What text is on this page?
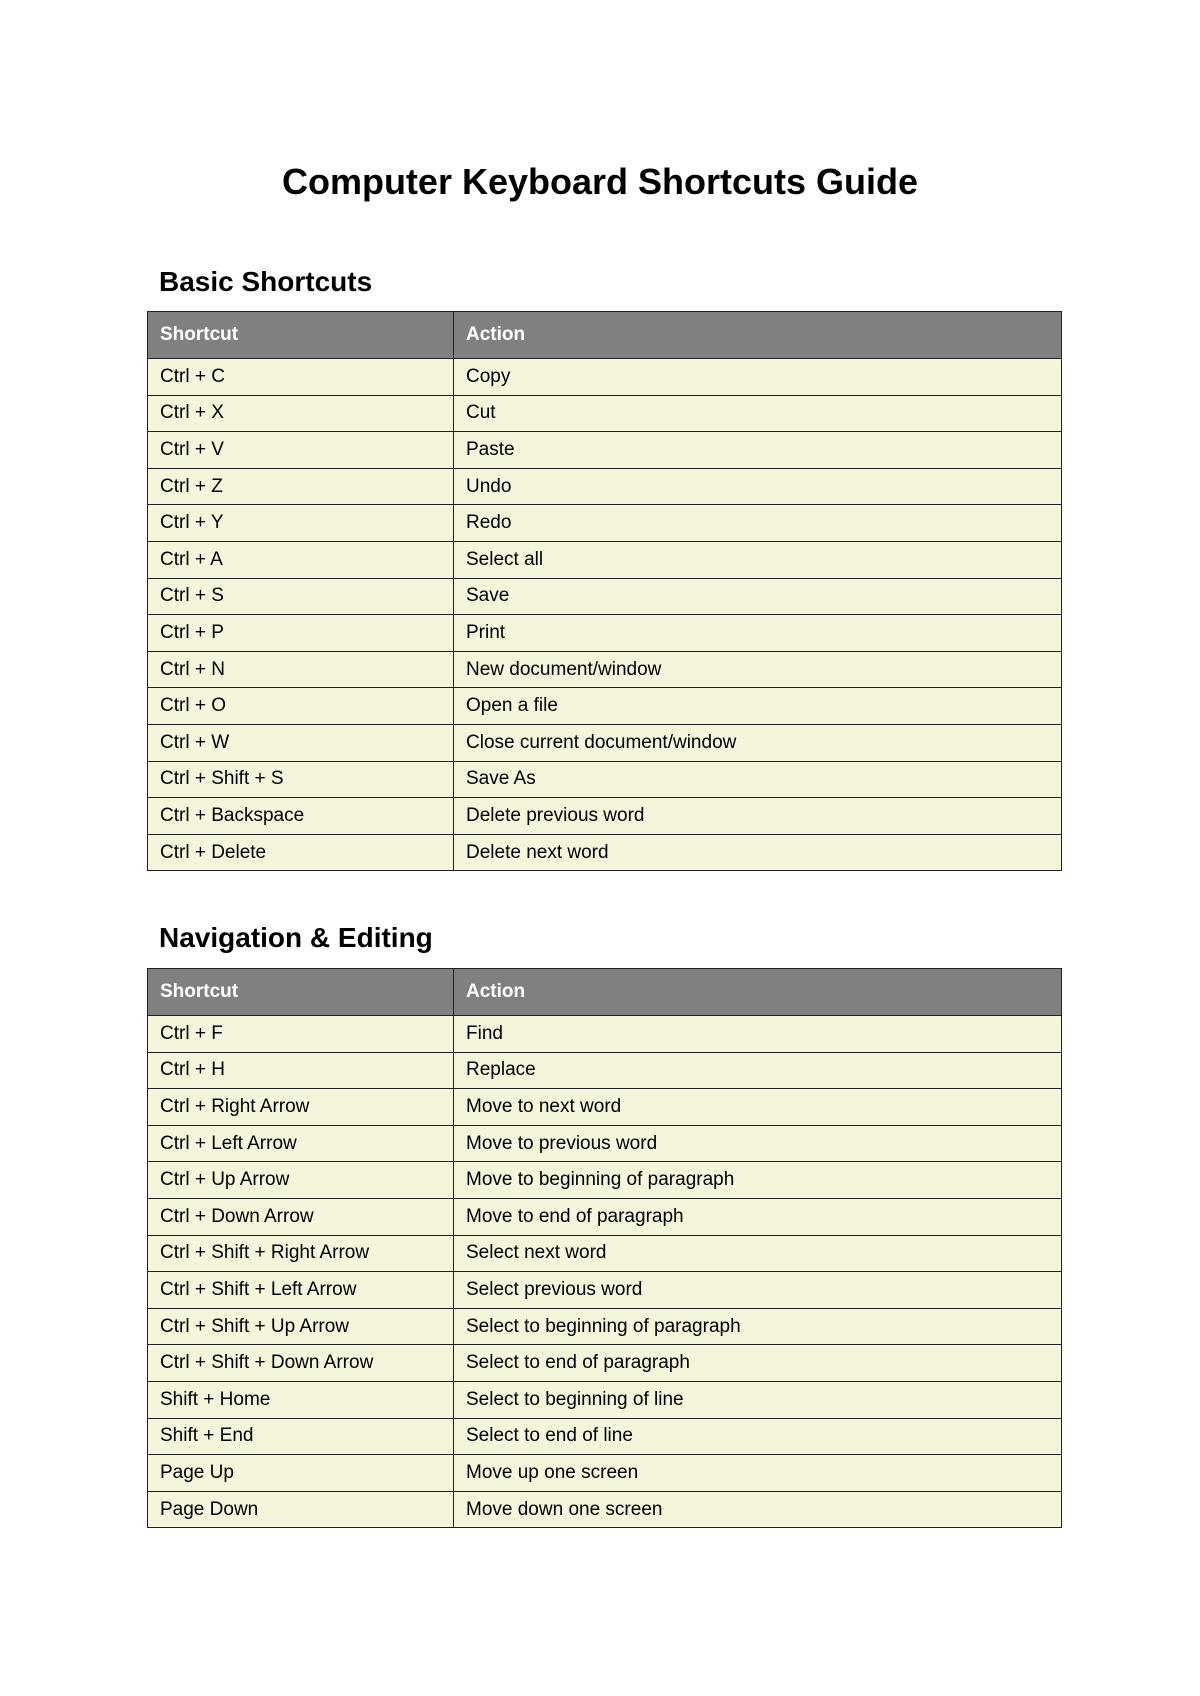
Computer Keyboard Shortcuts Guide
Basic Shortcuts
Shortcut	Action
Ctrl + C	Copy
Ctrl + X	Cut
Ctrl + V	Paste
Ctrl + Z	Undo
Ctrl + Y	Redo
Ctrl + A	Select all
Ctrl + S	Save
Ctrl + P	Print
Ctrl + N	New document/window
Ctrl + O	Open a file
Ctrl + W	Close current document/window
Ctrl + Shift + S	Save As
Ctrl + Backspace	Delete previous word
Ctrl + Delete	Delete next word
Navigation & Editing
Shortcut	Action
Ctrl + F	Find
Ctrl + H	Replace
Ctrl + Right Arrow	Move to next word
Ctrl + Left Arrow	Move to previous word
Ctrl + Up Arrow	Move to beginning of paragraph
Ctrl + Down Arrow	Move to end of paragraph
Ctrl + Shift + Right Arrow	Select next word
Ctrl + Shift + Left Arrow	Select previous word
Ctrl + Shift + Up Arrow	Select to beginning of paragraph
Ctrl + Shift + Down Arrow	Select to end of paragraph
Shift + Home	Select to beginning of line
Shift + End	Select to end of line
Page Up	Move up one screen
Page Down	Move down one screen
